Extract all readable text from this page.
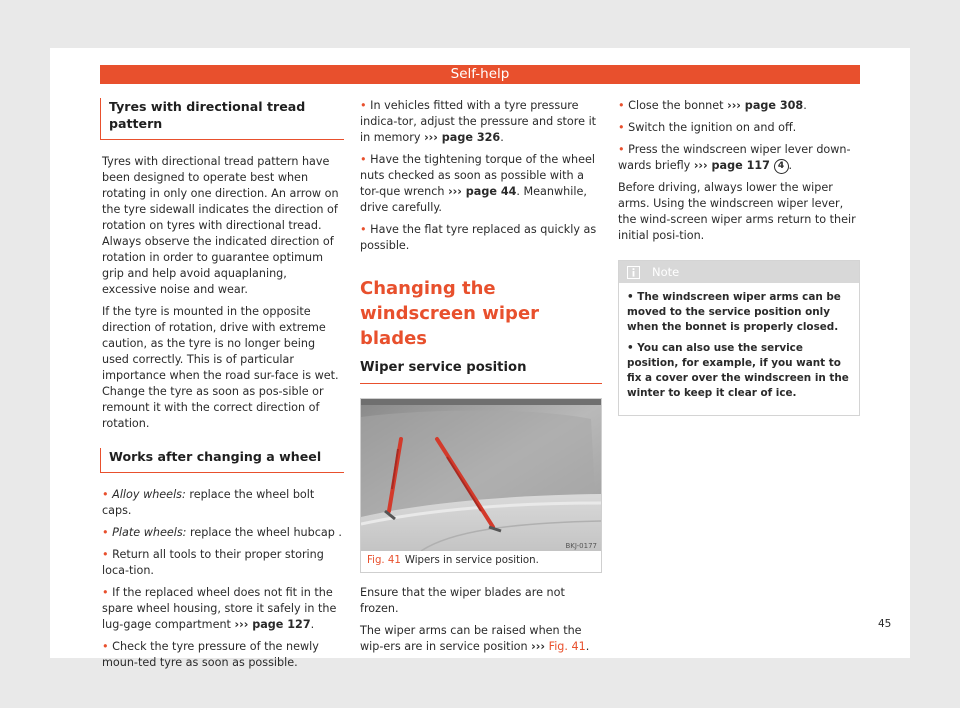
Self-help
Tyres with directional tread pattern

Tyres with directional tread pattern have been designed to operate best when rotating in only one direction. An arrow on the tyre sidewall indicates the direction of rotation on tyres with directional tread. Always observe the indicated direction of rotation in order to guarantee optimum grip and help avoid aquaplaning, excessive noise and wear.

If the tyre is mounted in the opposite direction of rotation, drive with extreme caution, as the tyre is no longer being used correctly. This is of particular importance when the road sur-face is wet. Change the tyre as soon as pos-sible or remount it with the correct direction of rotation.

Works after changing a wheel

• Alloy wheels: replace the wheel bolt caps.

• Plate wheels: replace the wheel hubcap .

• Return all tools to their proper storing loca-tion.

• If the replaced wheel does not fit in the spare wheel housing, store it safely in the lug-gage compartment ››› page 127.

• Check the tyre pressure of the newly moun-ted tyre as soon as possible.

• In vehicles fitted with a tyre pressure indica-tor, adjust the pressure and store it in memory ››› page 326.

• Have the tightening torque of the wheel nuts checked as soon as possible with a tor-que wrench ››› page 44. Meanwhile, drive carefully.

• Have the flat tyre replaced as quickly as possible.

Changing the windscreen wiper blades
Wiper service position
BKJ-0177
Fig. 41 Wipers in service position.

Ensure that the wiper blades are not frozen.

The wiper arms can be raised when the wip-ers are in service position ››› Fig. 41.

• Close the bonnet ››› page 308.

• Switch the ignition on and off.

• Press the windscreen wiper lever down-wards briefly ››› page 117 4 .

Before driving, always lower the wiper arms. Using the windscreen wiper lever, the wind-screen wiper arms return to their initial posi-tion.

Note

• The windscreen wiper arms can be moved to the service position only when the bonnet is properly closed.

• You can also use the service position, for example, if you want to fix a cover over the windscreen in the winter to keep it clear of ice.

45
